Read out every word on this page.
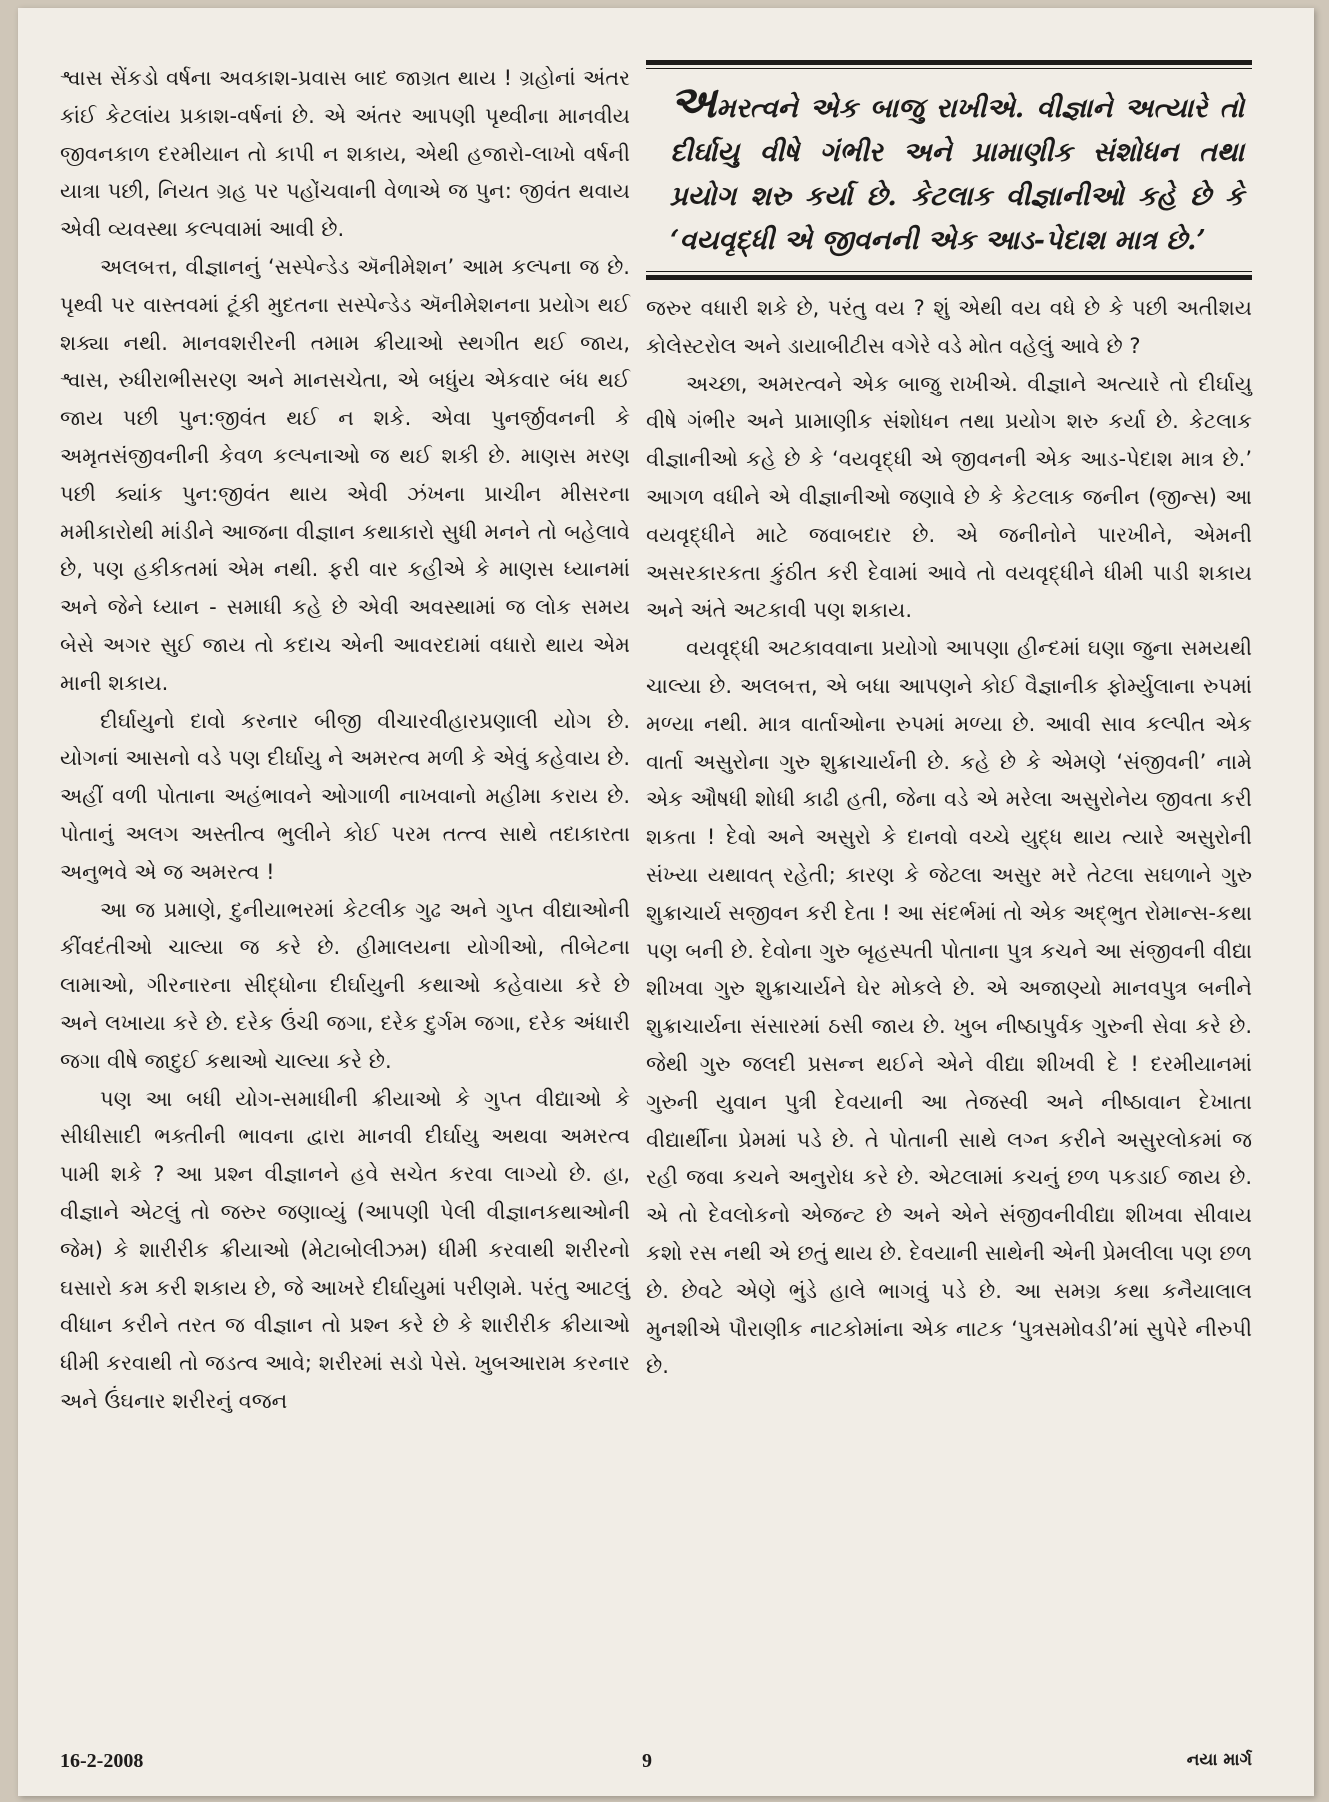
શ્વાસ સેંકડો વર્ષના અવકાશ-પ્રવાસ બાદ જાગ્રત થાય ! ગ્રહોનાં અંતર કાંઈ કેટલાંય પ્રકાશ-વર્ષનાં છે. એ અંતર આપણી પૃથ્વીના માનવીય જીવનકાળ દરમીયાન તો કાપી ન શકાય, એથી હજારો-લાખો વર્ષની યાત્રા પછી, નિયત ગ્રહ પર પહોંચવાની વેળાએ જ પુન: જીવંત થવાય એવી વ્યવસ્થા કલ્પવામાં આવી છે.

અલબત્ત, વીજ્ઞાનનું ‘સસ્પેન્ડેડ ઍનીમેશન’ આમ કલ્પના જ છે. પૃથ્વી પર વાસ્તવમાં ટૂંકી મુદતના સસ્પેન્ડેડ ઍનીમેશનના પ્રયોગ થઈ શક્યા નથી. માનવશરીરની તમામ ક્રીયાઓ સ્થગીત થઈ જાય, શ્વાસ, રુધીરાભીસરણ અને માનસચેતા, એ બધુંય એકવાર બંધ થઈ જાય પછી પુન:જીવંત થઈ ન શકે. એવા પુનર્જીવનની કે અમૃતસંજીવનીની કેવળ કલ્પનાઓ જ થઈ શકી છે. માણસ મરણ પછી ક્યાંક પુન:જીવંત થાય એવી ઝંખના પ્રાચીન મીસરના મમીકારોથી માંડીને આજના વીજ્ઞાન કથાકારો સુધી મનને તો બહેલાવે છે, પણ હકીકતમાં એમ નથી. ફરી વાર કહીએ કે માણસ ધ્યાનમાં અને જેને ધ્યાન - સમાધી કહે છે એવી અવસ્થામાં જ લોક સમય બેસે અગર સુઈ જાય તો કદાચ એની આવરદામાં વધારો થાય એમ માની શકાય.

દીર્ઘાયુનો દાવો કરનાર બીજી વીચારવીહારપ્રણાલી યોગ છે. યોગનાં આસનો વડે પણ દીર્ઘાયુ ને અમરત્વ મળી કે એવું કહેવાય છે. અહીં વળી પોતાના અહંભાવને ઓગાળી નાખવાનો મહીમા કરાય છે. પોતાનું અલગ અસ્તીત્વ ભુલીને કોઈ પરમ તત્ત્વ સાથે તદાકારતા અનુભવે એ જ અમરત્વ !

આ જ પ્રમાણે, દુનીયાભરમાં કેટલીક ગુઢ અને ગુપ્ત વીદ્યાઓની કીંવદંતીઓ ચાલ્યા જ કરે છે. હીમાલયના યોગીઓ, તીબેટના લામાઓ, ગીરનારના સીદ્ધોના દીર્ઘાયુની કથાઓ કહેવાયા કરે છે અને લખાયા કરે છે. દરેક ઉંચી જગા, દરેક દુર્ગમ જગા, દરેક અંધારી જગા વીષે જાદુઈ કથાઓ ચાલ્યા કરે છે.

પણ આ બધી યોગ-સમાધીની ક્રીયાઓ કે ગુપ્ત વીદ્યાઓ કે સીધીસાદી ભક્તીની ભાવના દ્વારા માનવી દીર્ઘાયુ અથવા અમરત્વ પામી શકે ? આ પ્રશ્ન વીજ્ઞાનને હવે સચેત કરવા લાગ્યો છે. હા, વીજ્ઞાને એટલું તો જરુર જણાવ્યું (આપણી પેલી વીજ્ઞાનકથાઓની જેમ) કે શારીરીક ક્રીયાઓ (મેટાબોલીઝમ) ધીમી કરવાથી શરીરનો ઘસારો કમ કરી શકાય છે, જે આખરે દીર્ઘાયુમાં પરીણમે. પરંતુ આટલું વીધાન કરીને તરત જ વીજ્ઞાન તો પ્રશ્ન કરે છે કે શારીરીક ક્રીયાઓ ધીમી કરવાથી તો જડત્વ આવે; શરીરમાં સડો પેસે. ખુબઆરામ કરનાર અને ઉંઘનાર શરીરનું વજન

અમરત્વને એક બાજુ રાખીએ. વીજ્ઞાને અત્યારે તો દીર્ઘાયુ વીષે ગંભીર અને પ્રામાણીક સંશોધન તથા પ્રયોગ શરુ કર્યા છે. કેટલાક વીજ્ઞાનીઓ કહે છે કે ‘વયવૃદ્ધી એ જીવનની એક આડ-પેદાશ માત્ર છે.’

જરુર વધારી શકે છે, પરંતુ વય ? શું એથી વય વધે છે કે પછી અતીશય કોલેસ્ટરોલ અને ડાયાબીટીસ વગેરે વડે મોત વહેલું આવે છે ?

અચ્છા, અમરત્વને એક બાજુ રાખીએ. વીજ્ઞાને અત્યારે તો દીર્ઘાયુ વીષે ગંભીર અને પ્રામાણીક સંશોધન તથા પ્રયોગ શરુ કર્યા છે. કેટલાક વીજ્ઞાનીઓ કહે છે કે ‘વયવૃદ્ધી એ જીવનની એક આડ-પેદાશ માત્ર છે.’ આગળ વધીને એ વીજ્ઞાનીઓ જણાવે છે કે કેટલાક જનીન (જીન્સ) આ વયવૃદ્ધીને માટે જવાબદાર છે. એ જનીનોને પારખીને, એમની અસરકારકતા કુંઠીત કરી દેવામાં આવે તો વયવૃદ્ધીને ધીમી પાડી શકાય અને અંતે અટકાવી પણ શકાય.

વયવૃદ્ધી અટકાવવાના પ્રયોગો આપણા હીન્દમાં ઘણા જુના સમયથી ચાલ્યા છે. અલબત્ત, એ બધા આપણને કોઈ વૈજ્ઞાનીક ફોર્મ્યુલાના રુપમાં મળ્યા નથી. માત્ર વાર્તાઓના રુપમાં મળ્યા છે. આવી સાવ કલ્પીત એક વાર્તા અસુરોના ગુરુ શુક્રાચાર્યની છે. કહે છે કે એમણે ‘સંજીવની’ નામે એક ઔષધી શોધી કાઢી હતી, જેના વડે એ મરેલા અસુરોનેય જીવતા કરી શકતા ! દેવો અને અસુરો કે દાનવો વચ્ચે યુદ્ધ થાય ત્યારે અસુરોની સંખ્યા યથાવત્ રહેતી; કારણ કે જેટલા અસુર મરે તેટલા સઘળાને ગુરુ શુક્રાચાર્ય સજીવન કરી દેતા ! આ સંદર્ભમાં તો એક અદ્ભુત રોમાન્સ-કથા પણ બની છે. દેવોના ગુરુ બૃહસ્પતી પોતાના પુત્ર કચને આ સંજીવની વીદ્યા શીખવા ગુરુ શુક્રાચાર્યને ઘેર મોકલે છે. એ અજાણ્યો માનવપુત્ર બનીને શુક્રાચાર્યના સંસારમાં ઠસી જાય છે. ખુબ નીષ્ઠાપુર્વક ગુરુની સેવા કરે છે. જેથી ગુરુ જલદી પ્રસન્ન થઈને એને વીદ્યા શીખવી દે ! દરમીયાનમાં ગુરુની યુવાન પુત્રી દેવયાની આ તેજસ્વી અને નીષ્ઠાવાન દેખાતા વીદ્યાર્થીના પ્રેમમાં પડે છે. તે પોતાની સાથે લગ્ન કરીને અસુરલોકમાં જ રહી જવા કચને અનુરોધ કરે છે. એટલામાં કચનું છળ પકડાઈ જાય છે. એ તો દેવલોકનો એજન્ટ છે અને એને સંજીવનીવીદ્યા શીખવા સીવાય કશો રસ નથી એ છતું થાય છે. દેવયાની સાથેની એની પ્રેમલીલા પણ છળ છે. છેવટે એણે ભુંડે હાલે ભાગવું પડે છે. આ સમગ્ર કથા કનૈયાલાલ મુનશીએ પૌરાણીક નાટકોમાંના એક નાટક ‘પુત્રસમોવડી’માં સુપેરે નીરુપી છે.

16-2-2008	9	નયા માર્ગ
